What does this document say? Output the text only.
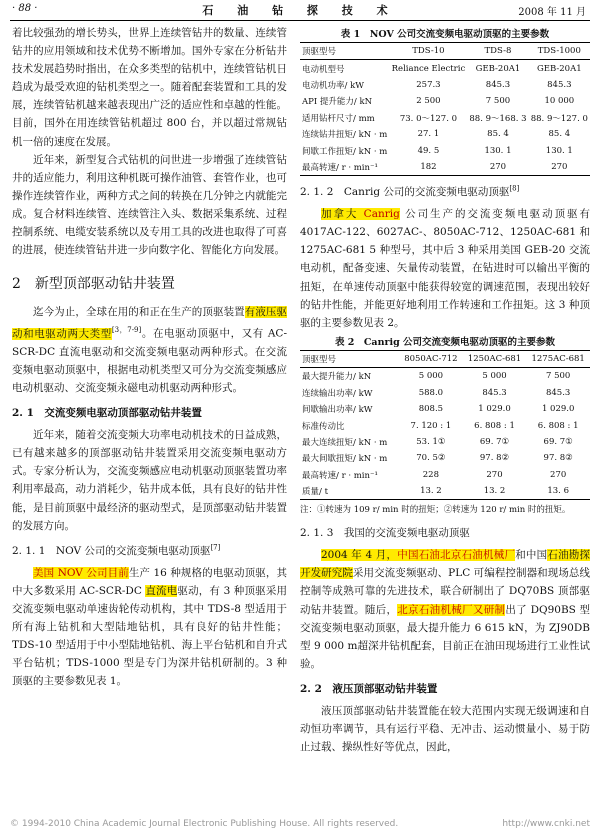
· 88 ·	石 油 钻 探 技 术	2008 年 11 月

着比较强劲的增长势头，世界上连续管钻井的数量、连续管钻井的应用领域和技术优势不断增加。国外专家在分析钻井技术发展趋势时指出，在众多类型的钻机中，连续管钻机日趋成为最受欢迎的钻机类型之一。随着配套装置和工具的发展，连续管钻机越来越表现出广泛的适应性和卓越的性能。目前，国外在用连续管钻机超过 800 台，并以超过常规钻机一倍的速度在发展。

近年来，新型复合式钻机的问世进一步增强了连续管钻井的适应能力，利用这种机既可操作油管、套管作业，也可操作连续管作业，两种方式之间的转换在几分钟之内就能完成。复合材料连续管、连续管注入头、数据采集系统、过程控制系统、电缆安装系统以及专用工具的改进也取得了可喜的进展，使连续管钻井进一步向数字化、智能化方向发展。

2　新型顶部驱动钻井装置

迄今为止，全球在用的和正在生产的顶驱装置有液压驱动和电驱动两大类型[3，7-9]。在电驱动顶驱中，又有 AC-SCR-DC 直流电驱动和交流变频电驱动两种形式。在交流变频电驱动顶驱中，根据电动机类型又可分为交流变频感应电动机驱动、交流变频永磁电动机驱动两种形式。

2. 1　交流变频电驱动顶部驱动钻井装置

近年来，随着交流变频大功率电动机技术的日益成熟，已有越来越多的顶部驱动钻井装置采用交流变频电驱动方式。专家分析认为，交流变频感应电动机驱动顶驱装置功率利用率最高，动力消耗少，钻井成本低，具有良好的钻井性能，是目前顶驱中最经济的驱动型式，是顶部驱动钻井装置的发展方向。

2. 1. 1　NOV 公司的交流变频电驱动顶驱[7]

美国 NOV 公司目前生产 16 种规格的电驱动顶驱，其中大多数采用 AC-SCR-DC 直流电驱动，有 3 种顶驱采用交流变频电驱动单速齿轮传动机构，其中 TDS-8 型适用于所有海上钻机和大型陆地钻机，具有良好的钻井性能；TDS-10 型适用于中小型陆地钻机、海上平台钻机和自升式平台钻机；TDS-1000 型是专门为深井钻机研制的。3 种顶驱的主要参数见表 1。

表 1　NOV 公司交流变频电驱动顶驱的主要参数
顶驱型号	TDS-10	TDS-8	TDS-1000
电动机型号	Reliance Electric	GEB-20A1	GEB-20A1
电动机功率/ kW	257.3	845.3	845.3
API 提升能力/ kN	2 500	7 500	10 000
适用钻杆尺寸/ mm	73. 0～127. 0	88. 9～168. 3	88. 9～127. 0
连续钻井扭矩/ kN · m	27. 1	85. 4	85. 4
间歇工作扭矩/ kN · m	49. 5	130. 1	130. 1
最高转速/ r · min⁻¹	182	270	270
2. 1. 2　Canrig 公司的交流变频电驱动顶驱[8]

加拿大 Canrig 公司生产的交流变频电驱动顶驱有 4017AC-122、6027AC-、8050AC-712、1250AC-681 和 1275AC-681 5 种型号，其中后 3 种采用美国 GEB-20 交流电动机，配备变速、矢量传动装置，在钻进时可以输出平衡的扭矩，在单速传动顶驱中能获得较宽的调速范围，表现出较好的钻井性能，并能更好地利用工作转速和工作扭矩。这 3 种顶驱的主要参数见表 2。

表 2　Canrig 公司交流变频电驱动顶驱的主要参数
顶驱型号	8050AC-712	1250AC-681	1275AC-681
最大提升能力/ kN	5 000	5 000	7 500
连续输出功率/ kW	588.0	845.3	845.3
间歇输出功率/ kW	808.5	1 029.0	1 029.0
标准传动比	7. 120 : 1	6. 808 : 1	6. 808 : 1
最大连续扭矩/ kN · m	53. 1①	69. 7①	69. 7①
最大间歇扭矩/ kN · m	70. 5②	97. 8②	97. 8②
最高转速/ r · min⁻¹	228	270	270
质量/ t	13. 2	13. 2	13. 6
注：①转速为 109 r/ min 时的扭矩；②转速为 120 r/ min 时的扭矩。
2. 1. 3　我国的交流变频电驱动顶驱

2004 年 4 月，中国石油北京石油机械厂和中国石油勘探开发研究院采用交流变频驱动、PLC 可编程控制器和现场总线控制等成熟可靠的先进技术，联合研制出了 DQ70BS 顶部驱动钻井装置。随后，北京石油机械厂又研制出了 DQ90BS 型交流变频电驱动顶驱，最大提升能力 6 615 kN，为 ZJ90DB 型 9 000 m超深井钻机配套，目前正在油田现场进行工业性试验。

2. 2　液压顶部驱动钻井装置

液压顶部驱动钻井装置能在较大范围内实现无级调速和自动恒功率调节，具有运行平稳、无冲击、运动惯量小、易于防止过载、操纵性好等优点，因此，

© 1994-2010 China Academic Journal Electronic Publishing House. All rights reserved.	http://www.cnki.net
